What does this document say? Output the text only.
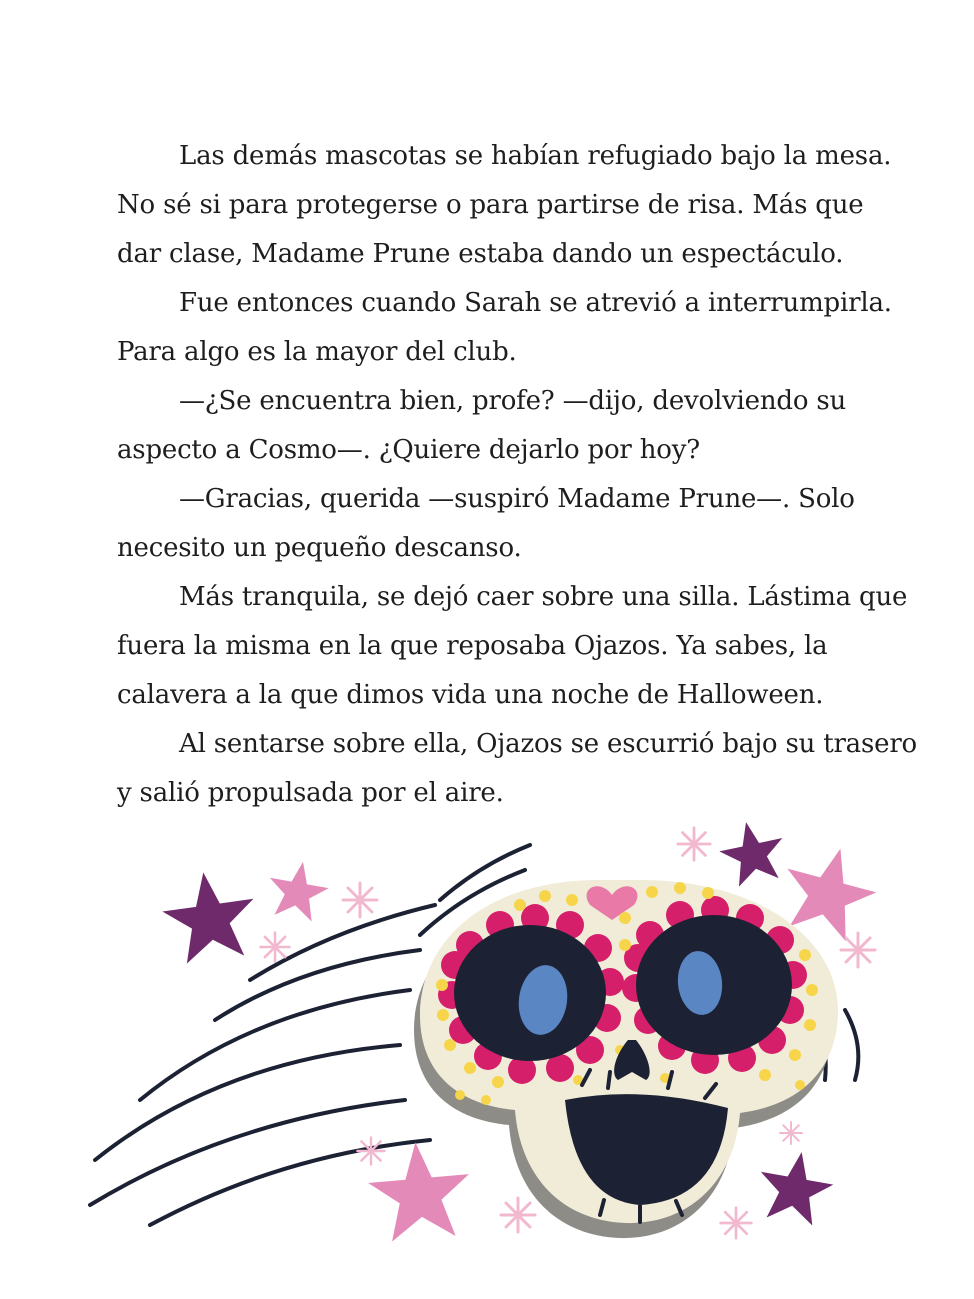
Las demás mascotas se habían refugiado bajo la mesa.
No sé si para protegerse o para partirse de risa. Más que
dar clase, Madame Prune estaba dando un espectáculo.

Fue entonces cuando Sarah se atrevió a interrumpirla.
Para algo es la mayor del club.

—¿Se encuentra bien, profe? —dijo, devolviendo su
aspecto a Cosmo—. ¿Quiere dejarlo por hoy?

—Gracias, querida —suspiró Madame Prune—. Solo
necesito un pequeño descanso.

Más tranquila, se dejó caer sobre una silla. Lástima que
fuera la misma en la que reposaba Ojazos. Ya sabes, la
calavera a la que dimos vida una noche de Halloween.

Al sentarse sobre ella, Ojazos se escurrió bajo su trasero
y salió propulsada por el aire.
